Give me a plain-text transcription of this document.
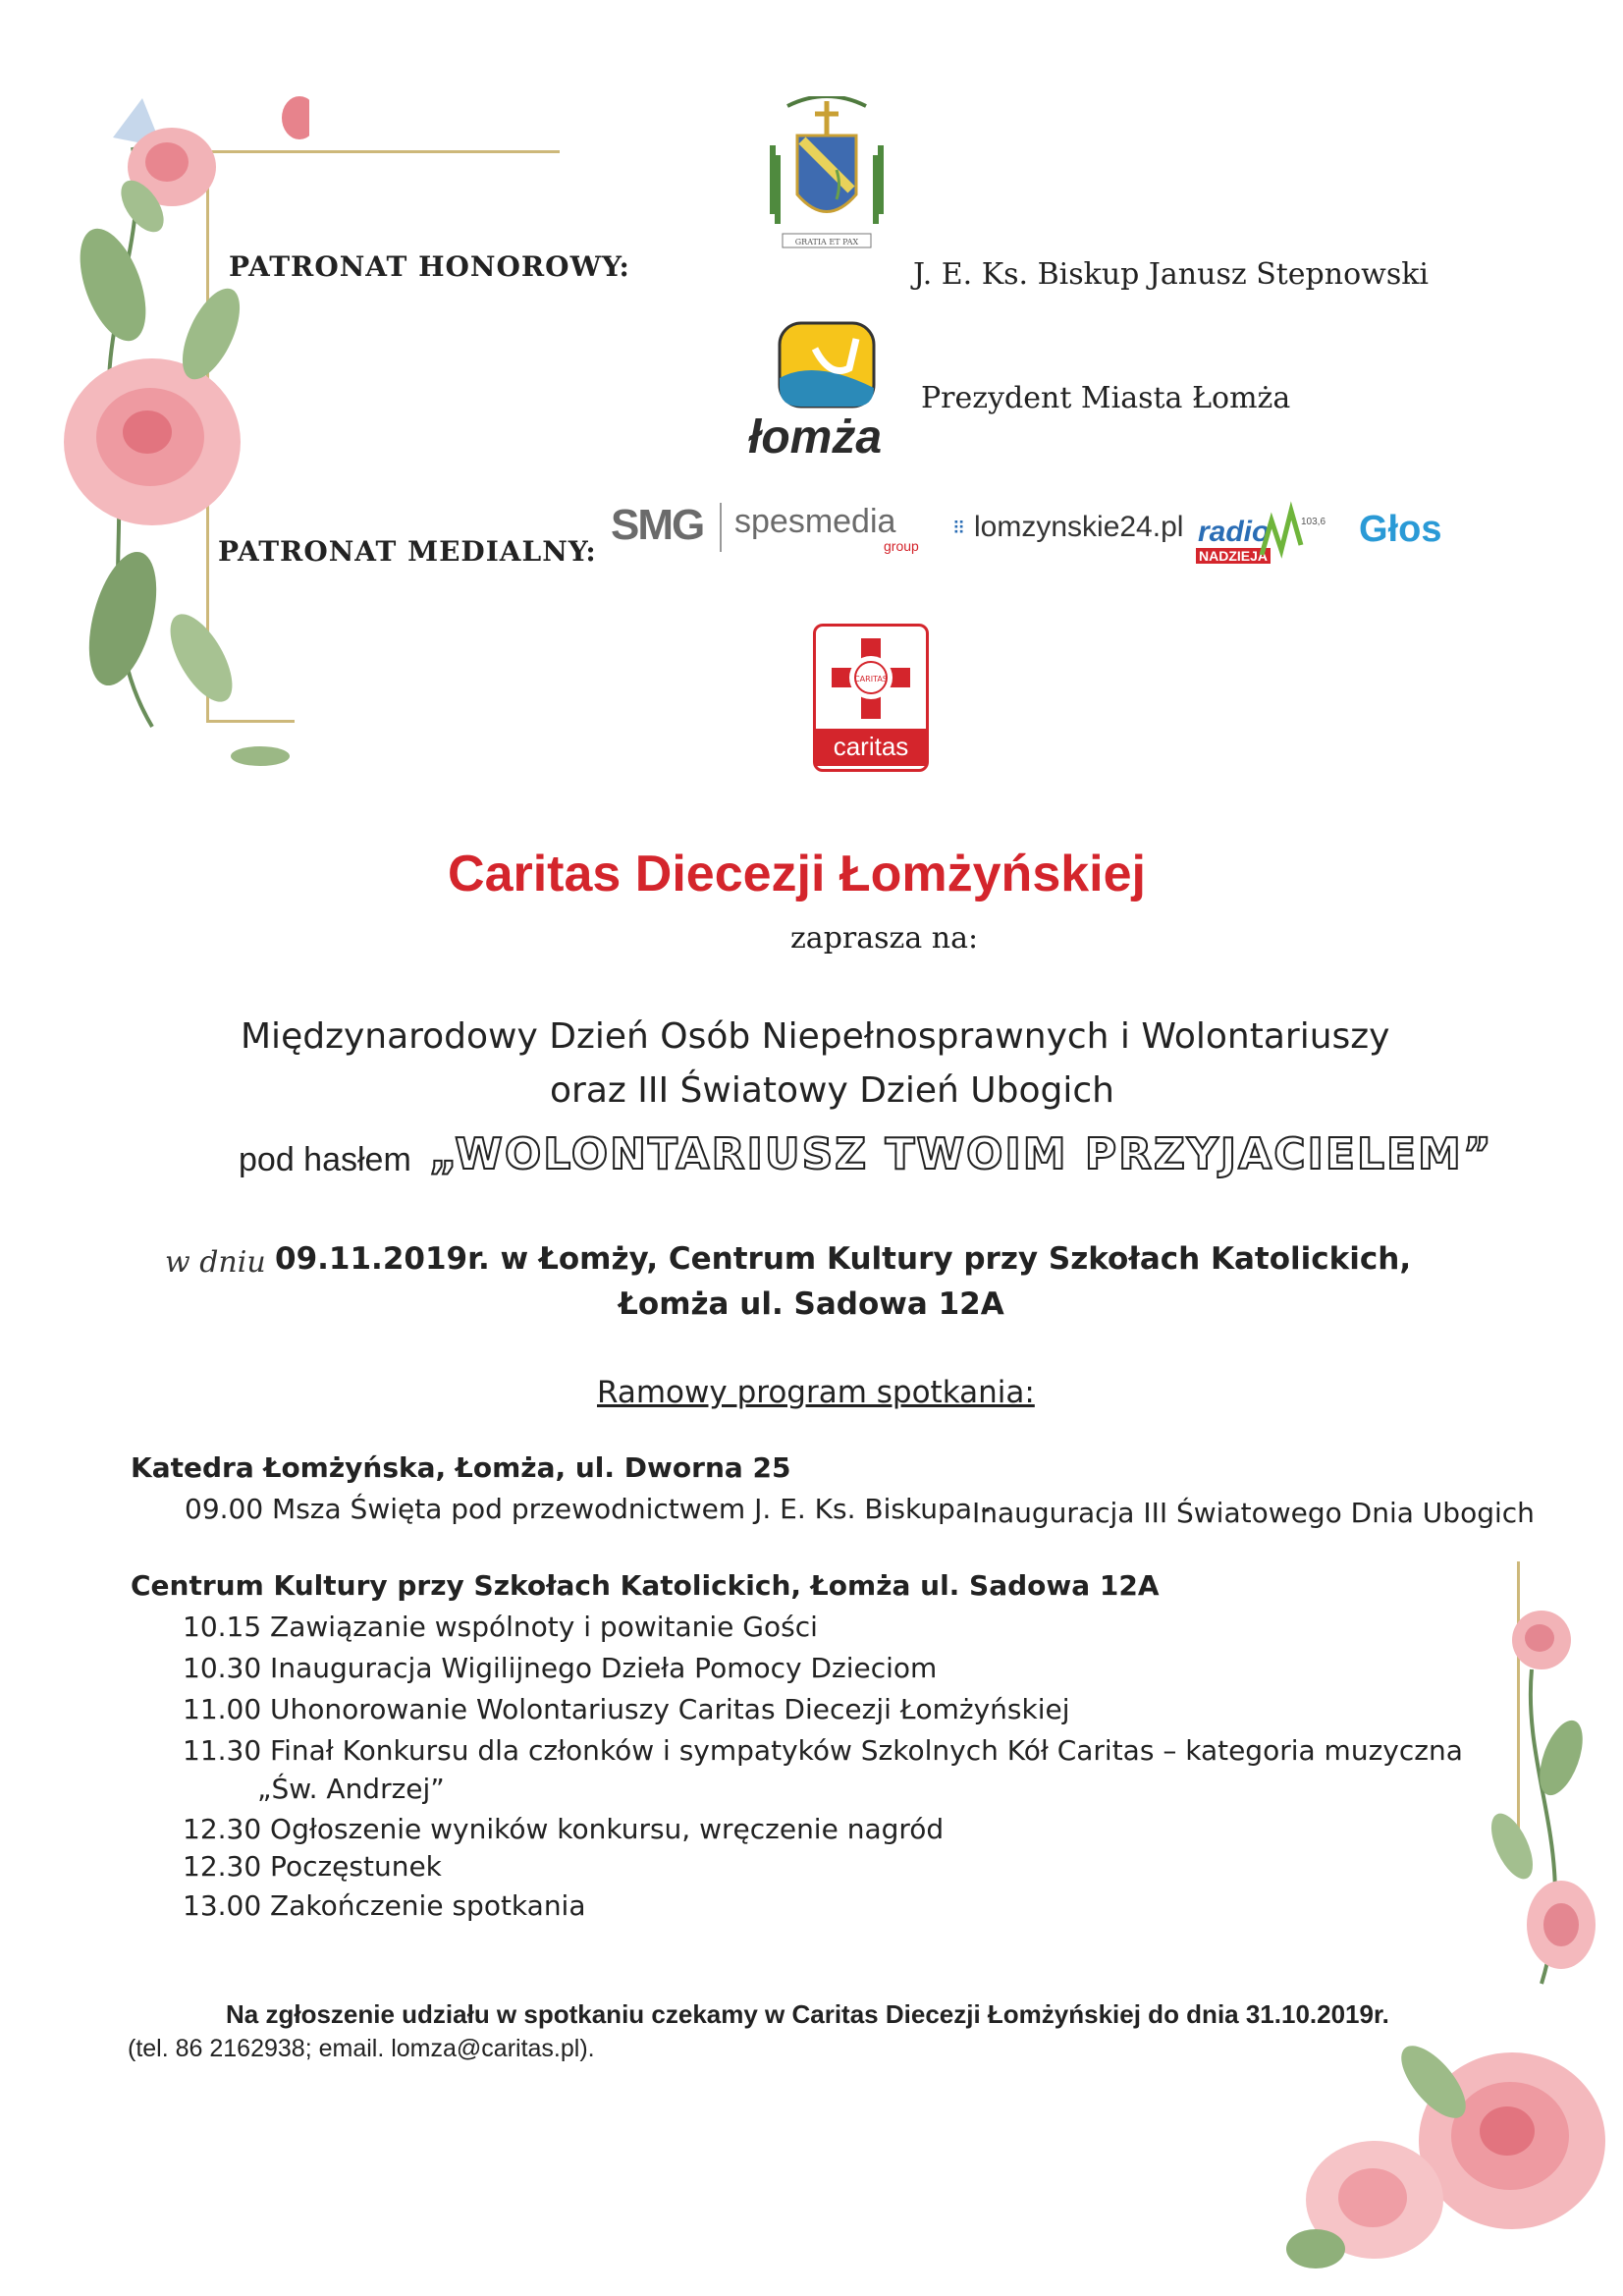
GRATIA ET PAX
PATRONAT HONOROWY:	J. E. Ks. Biskup Janusz Stepnowski
łomża
Prezydent Miasta Łomża
PATRONAT MEDIALNY:
SMG spesmedia
group
⠿ lomzynskie24.pl radio
NADZIEJA
103,6 Głos
CARITAS
caritas
Caritas Diecezji Łomżyńskiej
zaprasza na:
Międzynarodowy Dzień Osób Niepełnosprawnych i Wolontariuszy
oraz III Światowy Dzień Ubogich
pod hasłem „WOLONTARIUSZ TWOIM PRZYJACIELEM”
w dniu 09.11.2019r. w Łomży, Centrum Kultury przy Szkołach Katolickich,
Łomża ul. Sadowa 12A
Ramowy program spotkania:
Katedra Łomżyńska, Łomża, ul. Dworna 25
09.00 Msza Święta pod przewodnictwem J. E. Ks. Biskupa -
Inauguracja III Światowego Dnia Ubogich
Centrum Kultury przy Szkołach Katolickich, Łomża ul. Sadowa 12A
10.15 Zawiązanie wspólnoty i powitanie Gości
10.30 Inauguracja Wigilijnego Dzieła Pomocy Dzieciom
11.00 Uhonorowanie Wolontariuszy Caritas Diecezji Łomżyńskiej
11.30 Finał Konkursu dla członków i sympatyków Szkolnych Kół Caritas – kategoria muzyczna
„Św. Andrzej”
12.30 Ogłoszenie wyników konkursu, wręczenie nagród
12.30 Poczęstunek
13.00 Zakończenie spotkania
Na zgłoszenie udziału w spotkaniu czekamy w Caritas Diecezji Łomżyńskiej do dnia 31.10.2019r.
(tel. 86 2162938; email. lomza@caritas.pl).
